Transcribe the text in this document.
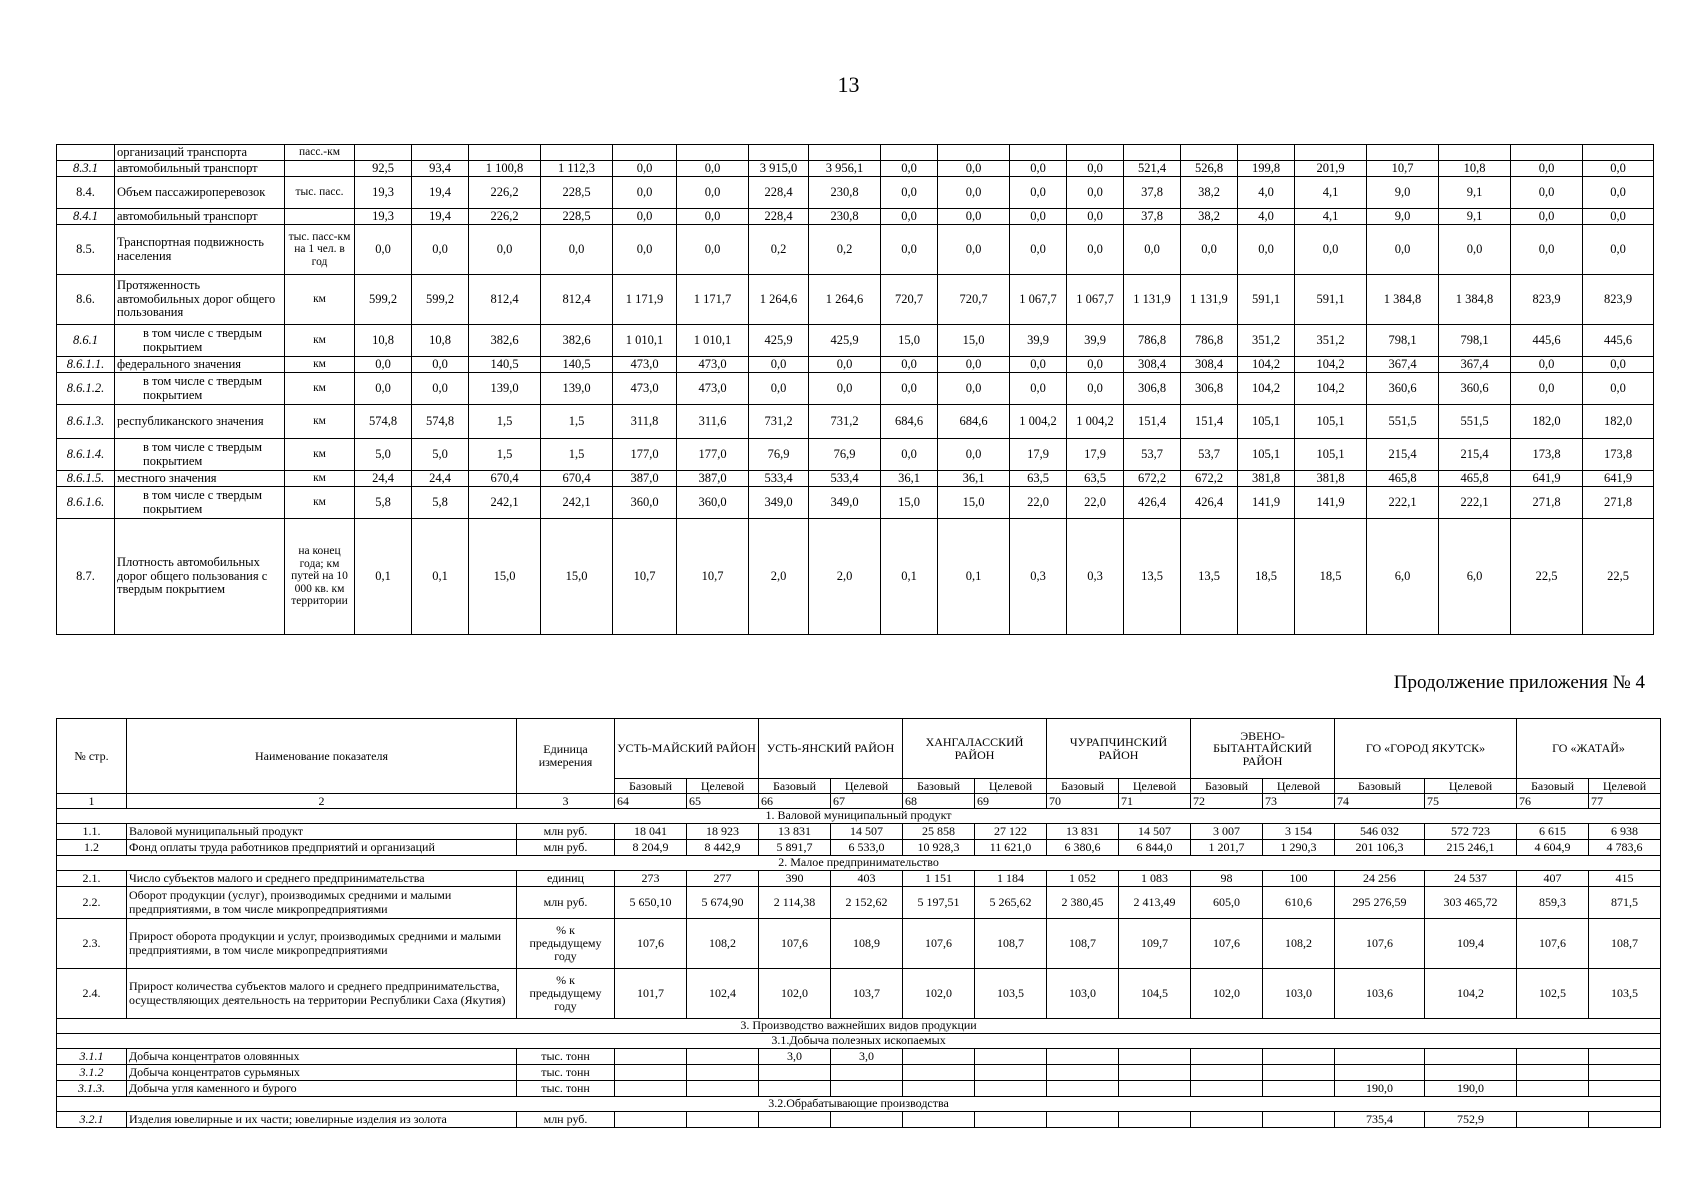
13
	организаций транспорта	пасс.-км																				
8.3.1	автомобильный транспорт		92,5	93,4	1 100,8	1 112,3	0,0	0,0	3 915,0	3 956,1	0,0	0,0	0,0	0,0	521,4	526,8	199,8	201,9	10,7	10,8	0,0	0,0
8.4.	Объем пассажироперевозок	тыс. пасс.	19,3	19,4	226,2	228,5	0,0	0,0	228,4	230,8	0,0	0,0	0,0	0,0	37,8	38,2	4,0	4,1	9,0	9,1	0,0	0,0
8.4.1	автомобильный транспорт		19,3	19,4	226,2	228,5	0,0	0,0	228,4	230,8	0,0	0,0	0,0	0,0	37,8	38,2	4,0	4,1	9,0	9,1	0,0	0,0
8.5.	Транспортная подвижность населения	тыс. пасс-км на 1 чел. в год	0,0	0,0	0,0	0,0	0,0	0,0	0,2	0,2	0,0	0,0	0,0	0,0	0,0	0,0	0,0	0,0	0,0	0,0	0,0	0,0
8.6.	Протяженность автомобильных дорог общего пользования	км	599,2	599,2	812,4	812,4	1 171,9	1 171,7	1 264,6	1 264,6	720,7	720,7	1 067,7	1 067,7	1 131,9	1 131,9	591,1	591,1	1 384,8	1 384,8	823,9	823,9
8.6.1	в том числе с твердым покрытием	км	10,8	10,8	382,6	382,6	1 010,1	1 010,1	425,9	425,9	15,0	15,0	39,9	39,9	786,8	786,8	351,2	351,2	798,1	798,1	445,6	445,6
8.6.1.1.	федерального значения	км	0,0	0,0	140,5	140,5	473,0	473,0	0,0	0,0	0,0	0,0	0,0	0,0	308,4	308,4	104,2	104,2	367,4	367,4	0,0	0,0
8.6.1.2.	в том числе с твердым покрытием	км	0,0	0,0	139,0	139,0	473,0	473,0	0,0	0,0	0,0	0,0	0,0	0,0	306,8	306,8	104,2	104,2	360,6	360,6	0,0	0,0
8.6.1.3.	республиканского значения	км	574,8	574,8	1,5	1,5	311,8	311,6	731,2	731,2	684,6	684,6	1 004,2	1 004,2	151,4	151,4	105,1	105,1	551,5	551,5	182,0	182,0
8.6.1.4.	в том числе с твердым покрытием	км	5,0	5,0	1,5	1,5	177,0	177,0	76,9	76,9	0,0	0,0	17,9	17,9	53,7	53,7	105,1	105,1	215,4	215,4	173,8	173,8
8.6.1.5.	местного значения	км	24,4	24,4	670,4	670,4	387,0	387,0	533,4	533,4	36,1	36,1	63,5	63,5	672,2	672,2	381,8	381,8	465,8	465,8	641,9	641,9
8.6.1.6.	в том числе с твердым покрытием	км	5,8	5,8	242,1	242,1	360,0	360,0	349,0	349,0	15,0	15,0	22,0	22,0	426,4	426,4	141,9	141,9	222,1	222,1	271,8	271,8
8.7.	Плотность автомобильных дорог общего пользования с твердым покрытием	на конец года; км путей на 10 000 кв. км территории	0,1	0,1	15,0	15,0	10,7	10,7	2,0	2,0	0,1	0,1	0,3	0,3	13,5	13,5	18,5	18,5	6,0	6,0	22,5	22,5
Продолжение приложения № 4
№ стр.	Наименование показателя	Единица измерения	УСТЬ-МАЙСКИЙ РАЙОН		УСТЬ-ЯНСКИЙ РАЙОН		ХАНГАЛАССКИЙ РАЙОН		ЧУРАПЧИНСКИЙ РАЙОН		ЭВЕНО-БЫТАНТАЙСКИЙ РАЙОН		ГО «ГОРОД ЯКУТСК»		ГО «ЖАТАЙ»	
			Базовый	Целевой	Базовый	Целевой	Базовый	Целевой	Базовый	Целевой	Базовый	Целевой	Базовый	Целевой	Базовый	Целевой
1	2	3	64	65	66	67	68	69	70	71	72	73	74	75	76	77
1. Валовой муниципальный продукт																
1.1.	Валовой муниципальный продукт	млн руб.	18 041	18 923	13 831	14 507	25 858	27 122	13 831	14 507	3 007	3 154	546 032	572 723	6 615	6 938
1.2	Фонд оплаты труда работников предприятий и организаций	млн руб.	8 204,9	8 442,9	5 891,7	6 533,0	10 928,3	11 621,0	6 380,6	6 844,0	1 201,7	1 290,3	201 106,3	215 246,1	4 604,9	4 783,6
2. Малое предпринимательство																
2.1.	Число субъектов малого и среднего предпринимательства	единиц	273	277	390	403	1 151	1 184	1 052	1 083	98	100	24 256	24 537	407	415
2.2.	Оборот продукции (услуг), производимых средними и малыми предприятиями, в том числе микропредприятиями	млн руб.	5 650,10	5 674,90	2 114,38	2 152,62	5 197,51	5 265,62	2 380,45	2 413,49	605,0	610,6	295 276,59	303 465,72	859,3	871,5
2.3.	Прирост оборота продукции и услуг, производимых средними и малыми предприятиями, в том числе микропредприятиями	% к предыдущему году	107,6	108,2	107,6	108,9	107,6	108,7	108,7	109,7	107,6	108,2	107,6	109,4	107,6	108,7
2.4.	Прирост количества субъектов малого и среднего предпринимательства, осуществляющих деятельность на территории Республики Саха (Якутия)	% к предыдущему году	101,7	102,4	102,0	103,7	102,0	103,5	103,0	104,5	102,0	103,0	103,6	104,2	102,5	103,5
3. Производство важнейших видов продукции																
3.1.Добыча полезных ископаемых																
3.1.1	Добыча концентратов оловянных	тыс. тонн			3,0	3,0										
3.1.2	Добыча концентратов сурьмяных	тыс. тонн														
3.1.3.	Добыча угля каменного и бурого	тыс. тонн											190,0	190,0		
3.2.Обрабатывающие производства																
3.2.1	Изделия ювелирные и их части; ювелирные изделия из золота	млн руб.											735,4	752,9		
